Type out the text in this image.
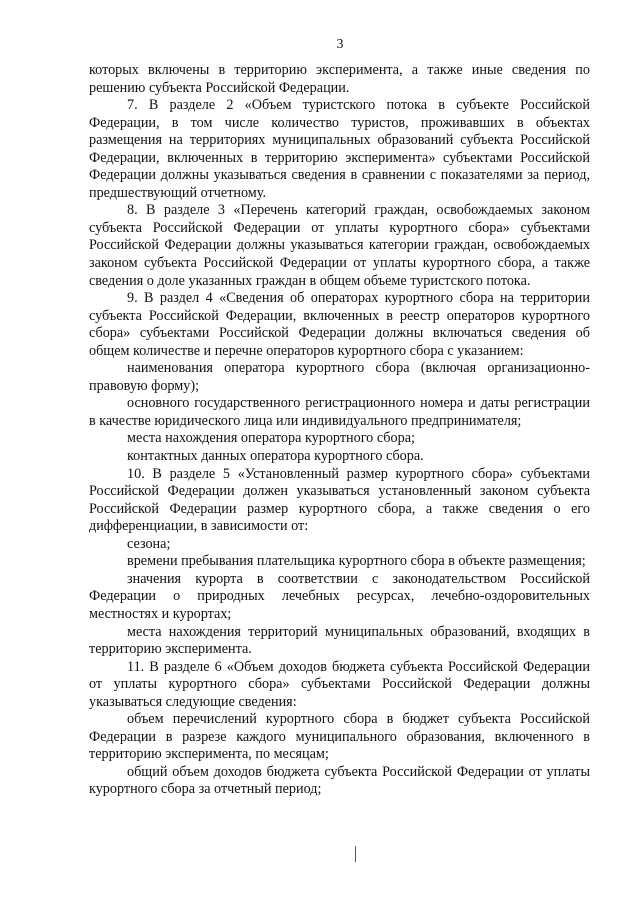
3

которых включены в территорию эксперимента, а также иные сведения по решению субъекта Российской Федерации.

7. В разделе 2 «Объем туристского потока в субъекте Российской Федерации, в том числе количество туристов, проживавших в объектах размещения на территориях муниципальных образований субъекта Российской Федерации, включенных в территорию эксперимента» субъектами Российской Федерации должны указываться сведения в сравнении с показателями за период, предшествующий отчетному.

8. В разделе 3 «Перечень категорий граждан, освобождаемых законом субъекта Российской Федерации от уплаты курортного сбора» субъектами Российской Федерации должны указываться категории граждан, освобождаемых законом субъекта Российской Федерации от уплаты курортного сбора, а также сведения о доле указанных граждан в общем объеме туристского потока.

9. В раздел 4 «Сведения об операторах курортного сбора на территории субъекта Российской Федерации, включенных в реестр операторов курортного сбора» субъектами Российской Федерации должны включаться сведения об общем количестве и перечне операторов курортного сбора с указанием:

наименования оператора курортного сбора (включая организационно-правовую форму);

основного государственного регистрационного номера и даты регистрации в качестве юридического лица или индивидуального предпринимателя;

места нахождения оператора курортного сбора;

контактных данных оператора курортного сбора.

10. В разделе 5 «Установленный размер курортного сбора» субъектами Российской Федерации должен указываться установленный законом субъекта Российской Федерации размер курортного сбора, а также сведения о его дифференциации, в зависимости от:

сезона;

времени пребывания плательщика курортного сбора в объекте размещения;

значения курорта в соответствии с законодательством Российской Федерации о природных лечебных ресурсах, лечебно-оздоровительных местностях и курортах;

места нахождения территорий муниципальных образований, входящих в территорию эксперимента.

11. В разделе 6 «Объем доходов бюджета субъекта Российской Федерации от уплаты курортного сбора» субъектами Российской Федерации должны указываться следующие сведения:

объем перечислений курортного сбора в бюджет субъекта Российской Федерации в разрезе каждого муниципального образования, включенного в территорию эксперимента, по месяцам;

общий объем доходов бюджета субъекта Российской Федерации от уплаты курортного сбора за отчетный период;
